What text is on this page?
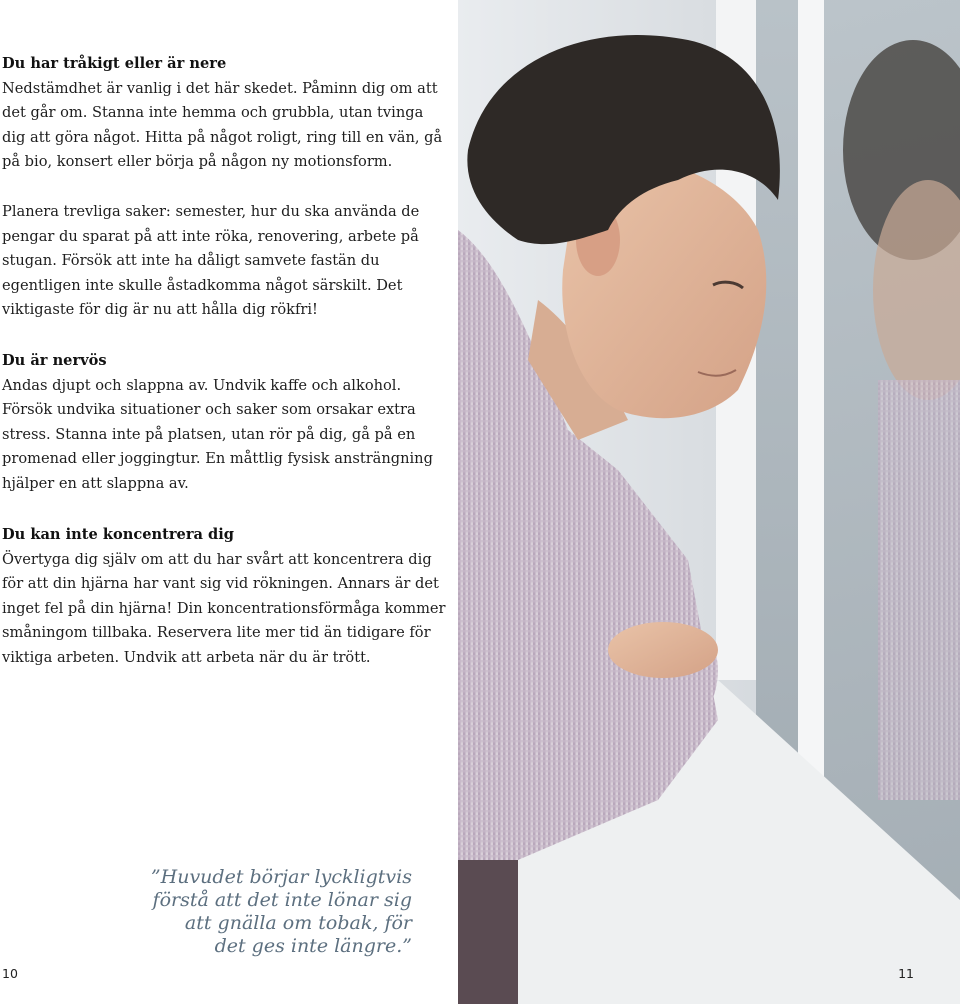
Du har tråkigt eller är nere

Nedstämdhet är vanlig i det här skedet. Påminn dig om att det går om. Stanna inte hemma och grubbla, utan tvinga dig att göra något. Hitta på något roligt, ring till en vän, gå på bio, konsert eller börja på någon ny motionsform.

Planera trevliga saker: semester, hur du ska använda de pengar du sparat på att inte röka, renovering, arbete på stugan. Försök att inte ha dåligt samvete fastän du egentligen inte skulle åstadkomma något särskilt. Det viktigaste för dig är nu att hålla dig rökfri!

Du är nervös

Andas djupt och slappna av. Undvik kaffe och alkohol. Försök undvika situationer och saker som orsakar extra stress. Stanna inte på platsen, utan rör på dig, gå på en promenad eller joggingtur. En måttlig fysisk ansträngning hjälper en att slappna av.

Du kan inte koncentrera dig

Övertyga dig själv om att du har svårt att koncentrera dig för att din hjärna har vant sig vid rökningen. Annars är det inget fel på din hjärna! Din koncentrationsförmåga kommer småningom tillbaka. Reservera lite mer tid än tidigare för viktiga arbeten. Undvik att arbeta när du är trött.

”Huvudet börjar lyckligtvis förstå att det inte lönar sig att gnälla om tobak, för det ges inte längre.”

10	11
